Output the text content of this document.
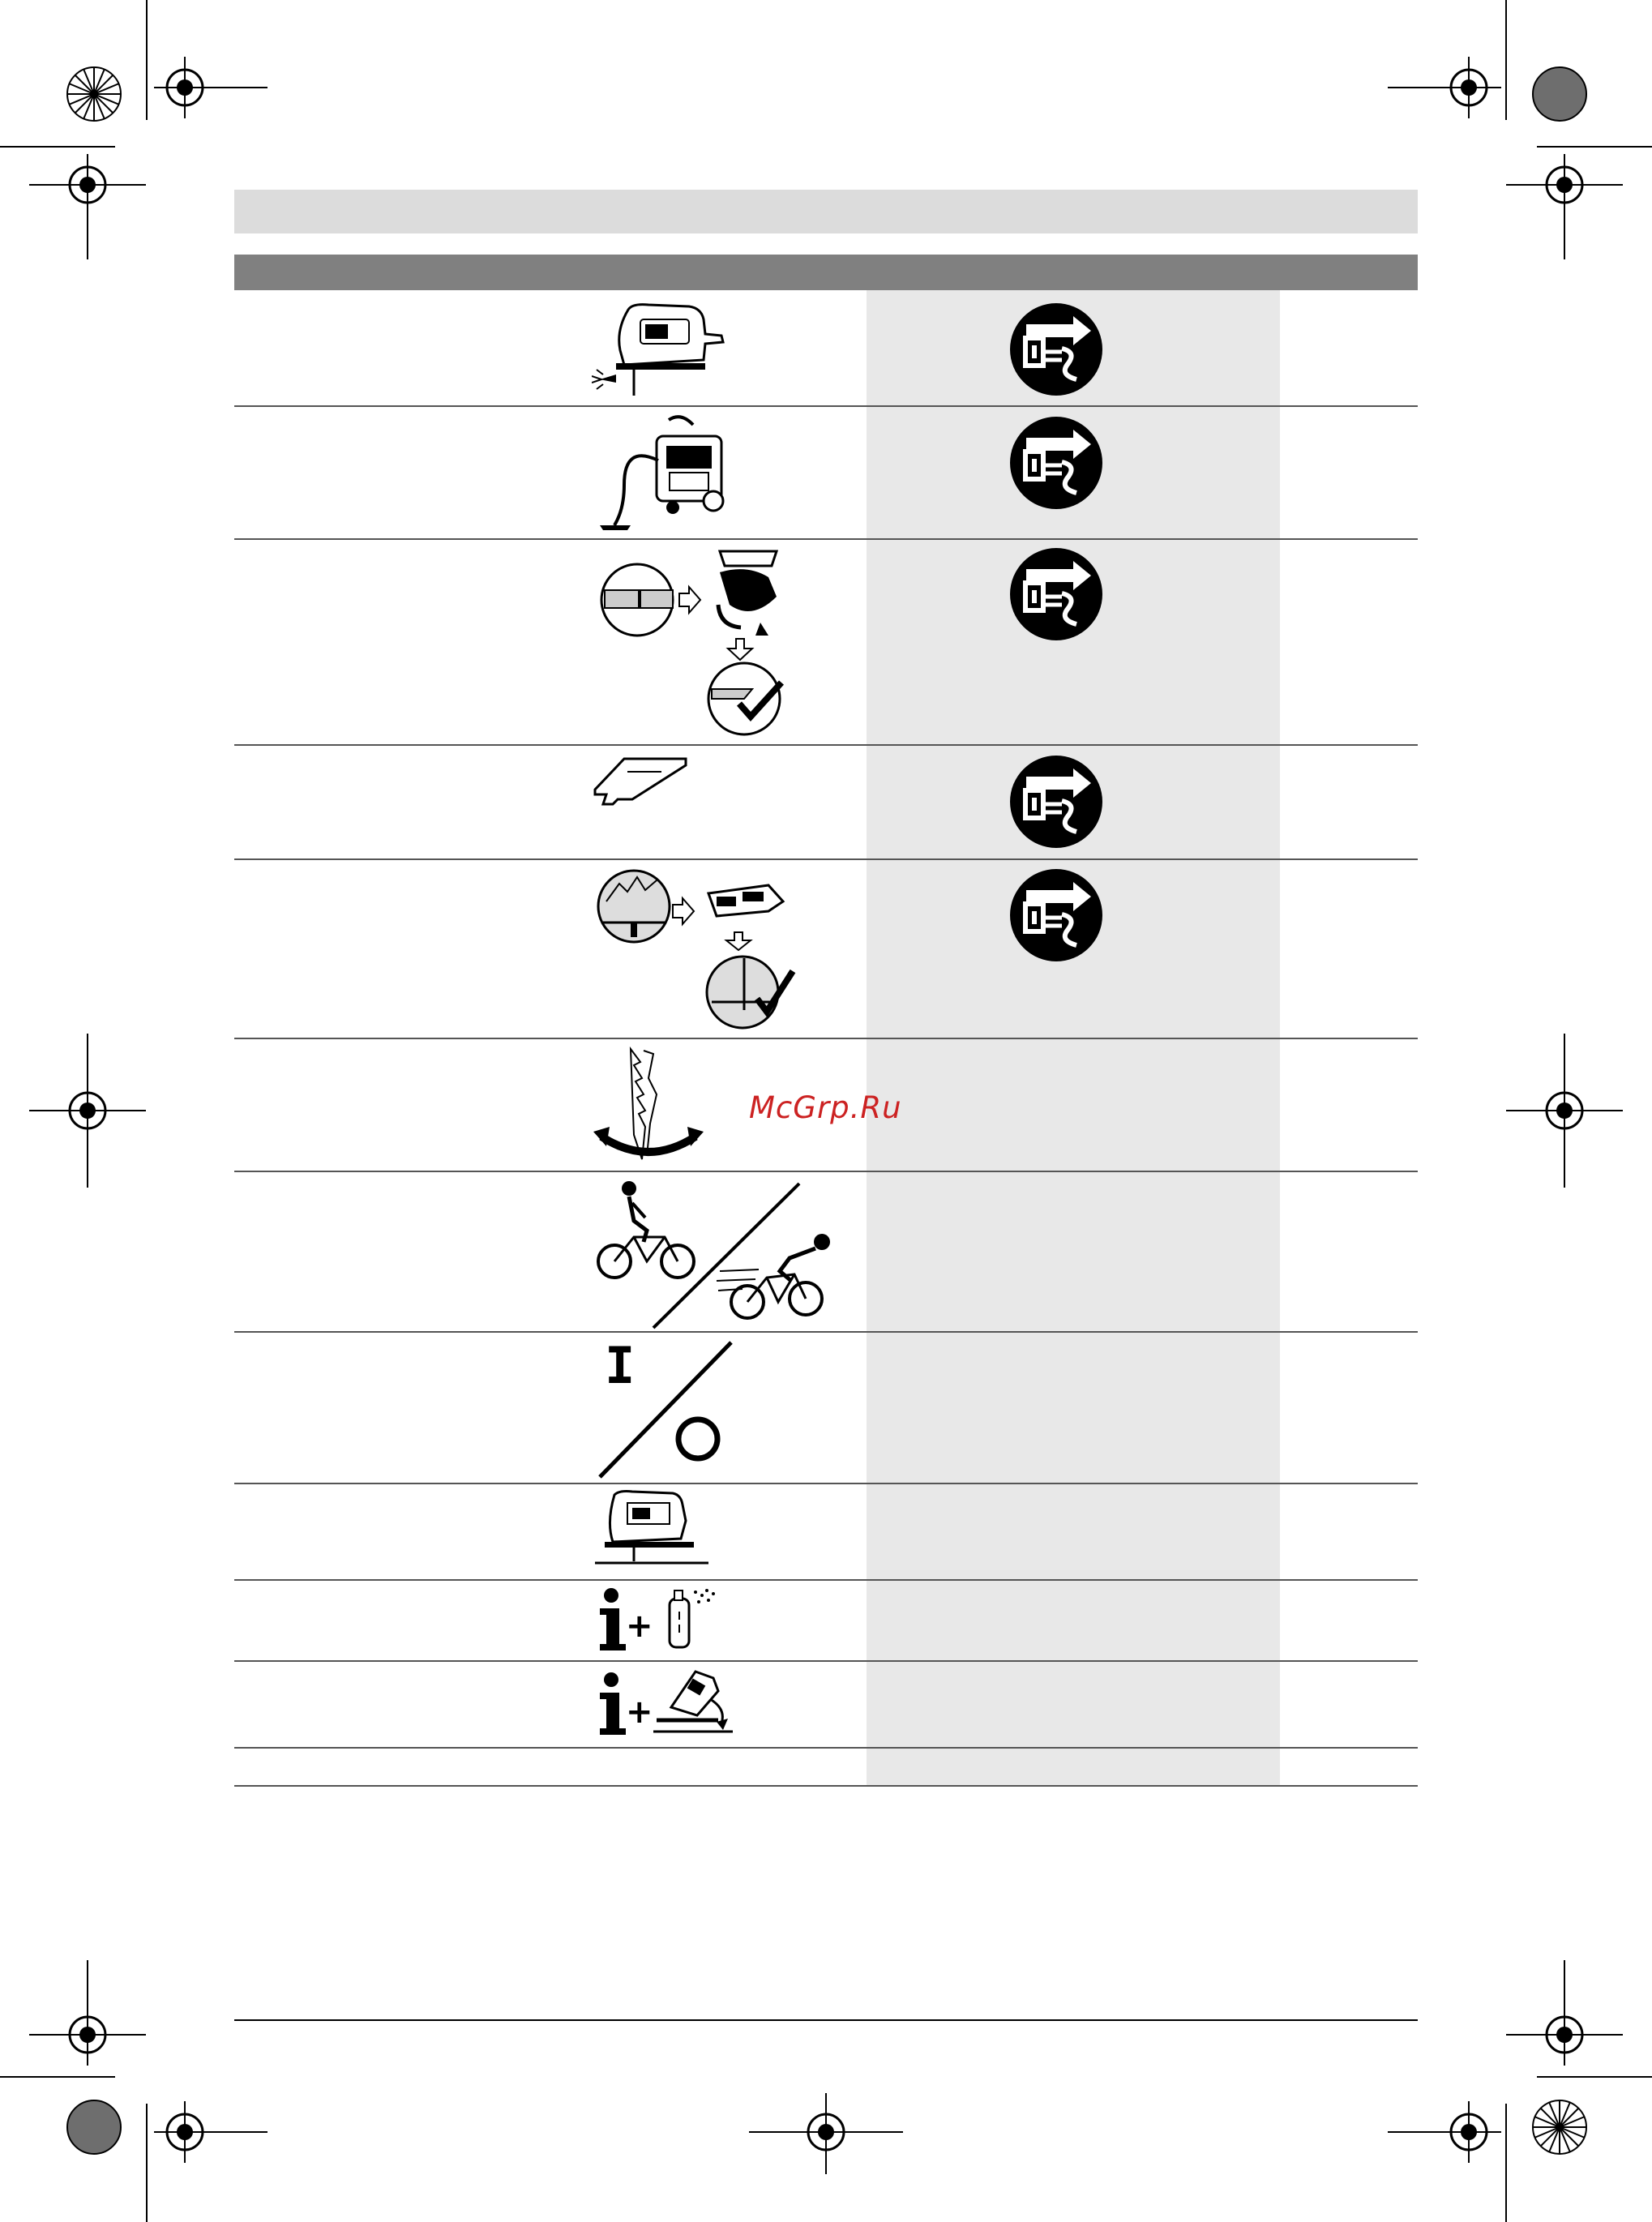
I
+
+
McGrp.Ru
